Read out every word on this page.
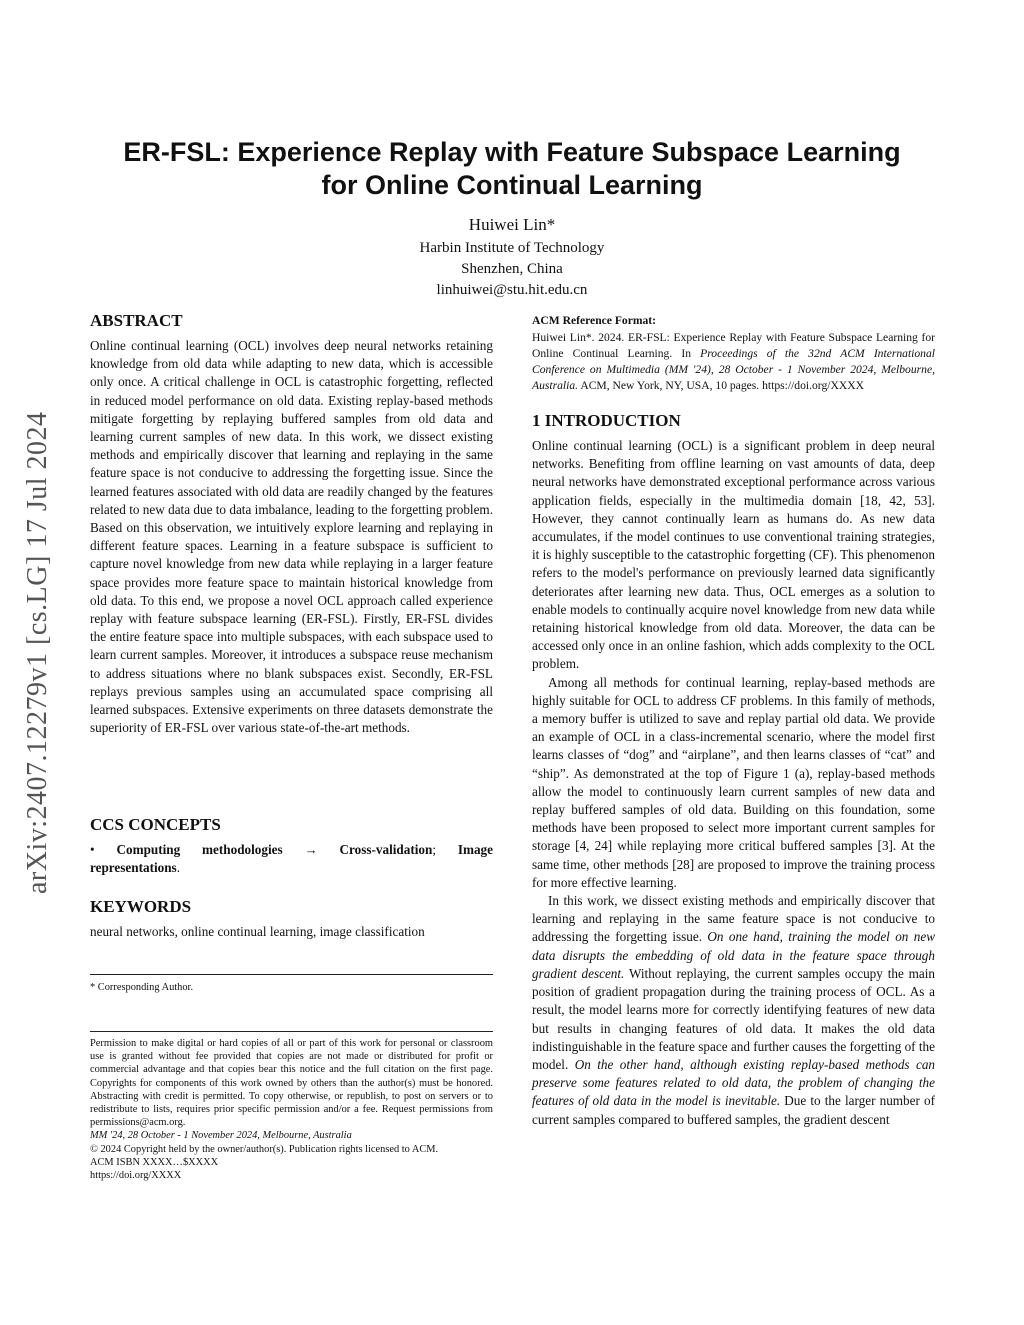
arXiv:2407.12279v1 [cs.LG] 17 Jul 2024
ER-FSL: Experience Replay with Feature Subspace Learning
for Online Continual Learning
Huiwei Lin*
Harbin Institute of Technology
Shenzhen, China
linhuiwei@stu.hit.edu.cn
ABSTRACT

Online continual learning (OCL) involves deep neural networks retaining knowledge from old data while adapting to new data, which is accessible only once. A critical challenge in OCL is catastrophic forgetting, reflected in reduced model performance on old data. Existing replay-based methods mitigate forgetting by replaying buffered samples from old data and learning current samples of new data. In this work, we dissect existing methods and empirically discover that learning and replaying in the same feature space is not conducive to addressing the forgetting issue. Since the learned features associated with old data are readily changed by the features related to new data due to data imbalance, leading to the forgetting problem. Based on this observation, we intuitively explore learning and replaying in different feature spaces. Learning in a feature subspace is sufficient to capture novel knowledge from new data while replaying in a larger feature space provides more feature space to maintain historical knowledge from old data. To this end, we propose a novel OCL approach called experience replay with feature subspace learning (ER-FSL). Firstly, ER-FSL divides the entire feature space into multiple subspaces, with each subspace used to learn current samples. Moreover, it introduces a subspace reuse mechanism to address situations where no blank subspaces exist. Secondly, ER-FSL replays previous samples using an accumulated space comprising all learned subspaces. Extensive experiments on three datasets demonstrate the superiority of ER-FSL over various state-of-the-art methods.

CCS CONCEPTS

• Computing methodologies → Cross-validation; Image representations.

KEYWORDS

neural networks, online continual learning, image classification

* Corresponding Author.
Permission to make digital or hard copies of all or part of this work for personal or classroom use is granted without fee provided that copies are not made or distributed for profit or commercial advantage and that copies bear this notice and the full citation on the first page. Copyrights for components of this work owned by others than the author(s) must be honored. Abstracting with credit is permitted. To copy otherwise, or republish, to post on servers or to redistribute to lists, requires prior specific permission and/or a fee. Request permissions from permissions@acm.org.
MM '24, 28 October - 1 November 2024, Melbourne, Australia
© 2024 Copyright held by the owner/author(s). Publication rights licensed to ACM.
ACM ISBN XXXX…$XXXX
https://doi.org/XXXX
ACM Reference Format:
Huiwei Lin*. 2024. ER-FSL: Experience Replay with Feature Subspace Learning for Online Continual Learning. In Proceedings of the 32nd ACM International Conference on Multimedia (MM '24), 28 October - 1 November 2024, Melbourne, Australia. ACM, New York, NY, USA, 10 pages. https://doi.org/XXXX
1 INTRODUCTION

Online continual learning (OCL) is a significant problem in deep neural networks. Benefiting from offline learning on vast amounts of data, deep neural networks have demonstrated exceptional performance across various application fields, especially in the multimedia domain [18, 42, 53]. However, they cannot continually learn as humans do. As new data accumulates, if the model continues to use conventional training strategies, it is highly susceptible to the catastrophic forgetting (CF). This phenomenon refers to the model's performance on previously learned data significantly deteriorates after learning new data. Thus, OCL emerges as a solution to enable models to continually acquire novel knowledge from new data while retaining historical knowledge from old data. Moreover, the data can be accessed only once in an online fashion, which adds complexity to the OCL problem.

Among all methods for continual learning, replay-based methods are highly suitable for OCL to address CF problems. In this family of methods, a memory buffer is utilized to save and replay partial old data. We provide an example of OCL in a class-incremental scenario, where the model first learns classes of “dog” and “airplane”, and then learns classes of “cat” and “ship”. As demonstrated at the top of Figure 1 (a), replay-based methods allow the model to continuously learn current samples of new data and replay buffered samples of old data. Building on this foundation, some methods have been proposed to select more important current samples for storage [4, 24] while replaying more critical buffered samples [3]. At the same time, other methods [28] are proposed to improve the training process for more effective learning.

In this work, we dissect existing methods and empirically discover that learning and replaying in the same feature space is not conducive to addressing the forgetting issue. On one hand, training the model on new data disrupts the embedding of old data in the feature space through gradient descent. Without replaying, the current samples occupy the main position of gradient propagation during the training process of OCL. As a result, the model learns more for correctly identifying features of new data but results in changing features of old data. It makes the old data indistinguishable in the feature space and further causes the forgetting of the model. On the other hand, although existing replay-based methods can preserve some features related to old data, the problem of changing the features of old data in the model is inevitable. Due to the larger number of current samples compared to buffered samples, the gradient descent
